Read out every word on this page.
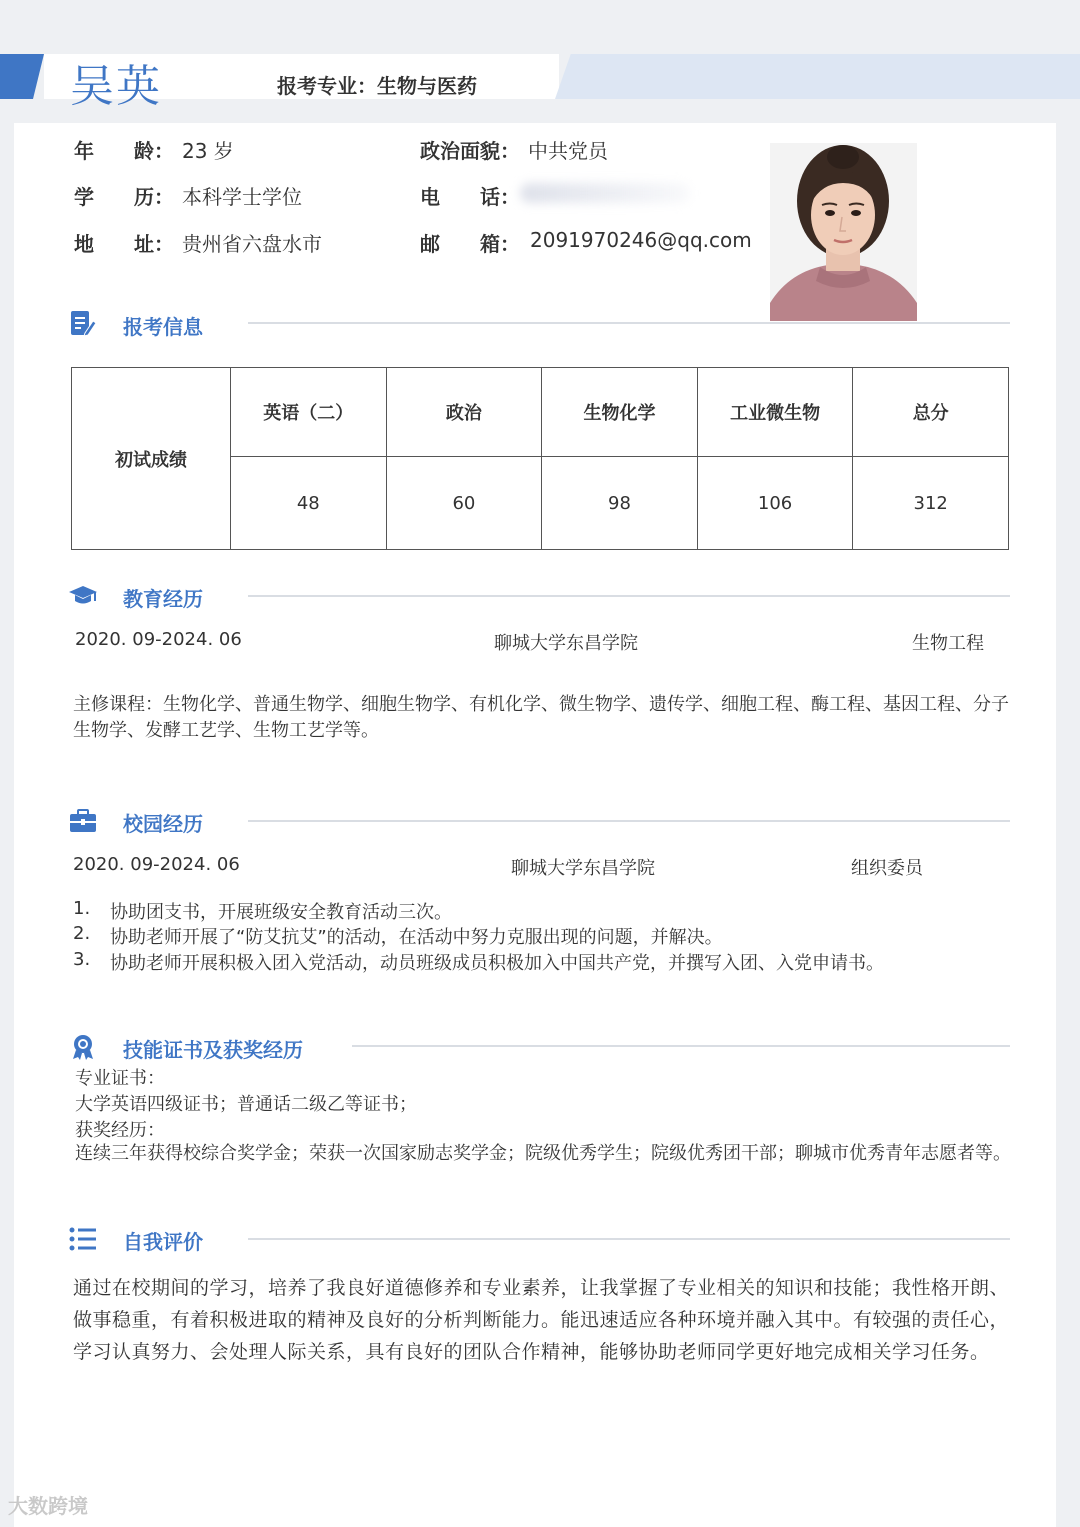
吴英	报考专业：生物与医药
年　　龄： 23 岁
学　　历： 本科学士学位
地　　址： 贵州省六盘水市
政治面貌： 中共党员
电　　话：
邮　　箱： 2091970246@qq.com
报考信息
初试成绩	英语（二）	政治	生物化学	工业微生物	总分
	48	60	98	106	312
教育经历
2020. 09-2024. 06	聊城大学东昌学院	生物工程
主修课程：生物化学、普通生物学、细胞生物学、有机化学、微生物学、遗传学、细胞工程、酶工程、基因工程、分子生物学、发酵工艺学、生物工艺学等。
校园经历
2020. 09-2024. 06	聊城大学东昌学院	组织委员
1. 协助团支书，开展班级安全教育活动三次。
2. 协助老师开展了“防艾抗艾”的活动，在活动中努力克服出现的问题，并解决。
3. 协助老师开展积极入团入党活动，动员班级成员积极加入中国共产党，并撰写入团、入党申请书。
技能证书及获奖经历
专业证书：
大学英语四级证书；普通话二级乙等证书；
获奖经历：
连续三年获得校综合奖学金；荣获一次国家励志奖学金；院级优秀学生；院级优秀团干部；聊城市优秀青年志愿者等。
自我评价
通过在校期间的学习，培养了我良好道德修养和专业素养，让我掌握了专业相关的知识和技能；我性格开朗、做事稳重，有着积极进取的精神及良好的分析判断能力。能迅速适应各种环境并融入其中。有较强的责任心，学习认真努力、会处理人际关系，具有良好的团队合作精神，能够协助老师同学更好地完成相关学习任务。
大数跨境
